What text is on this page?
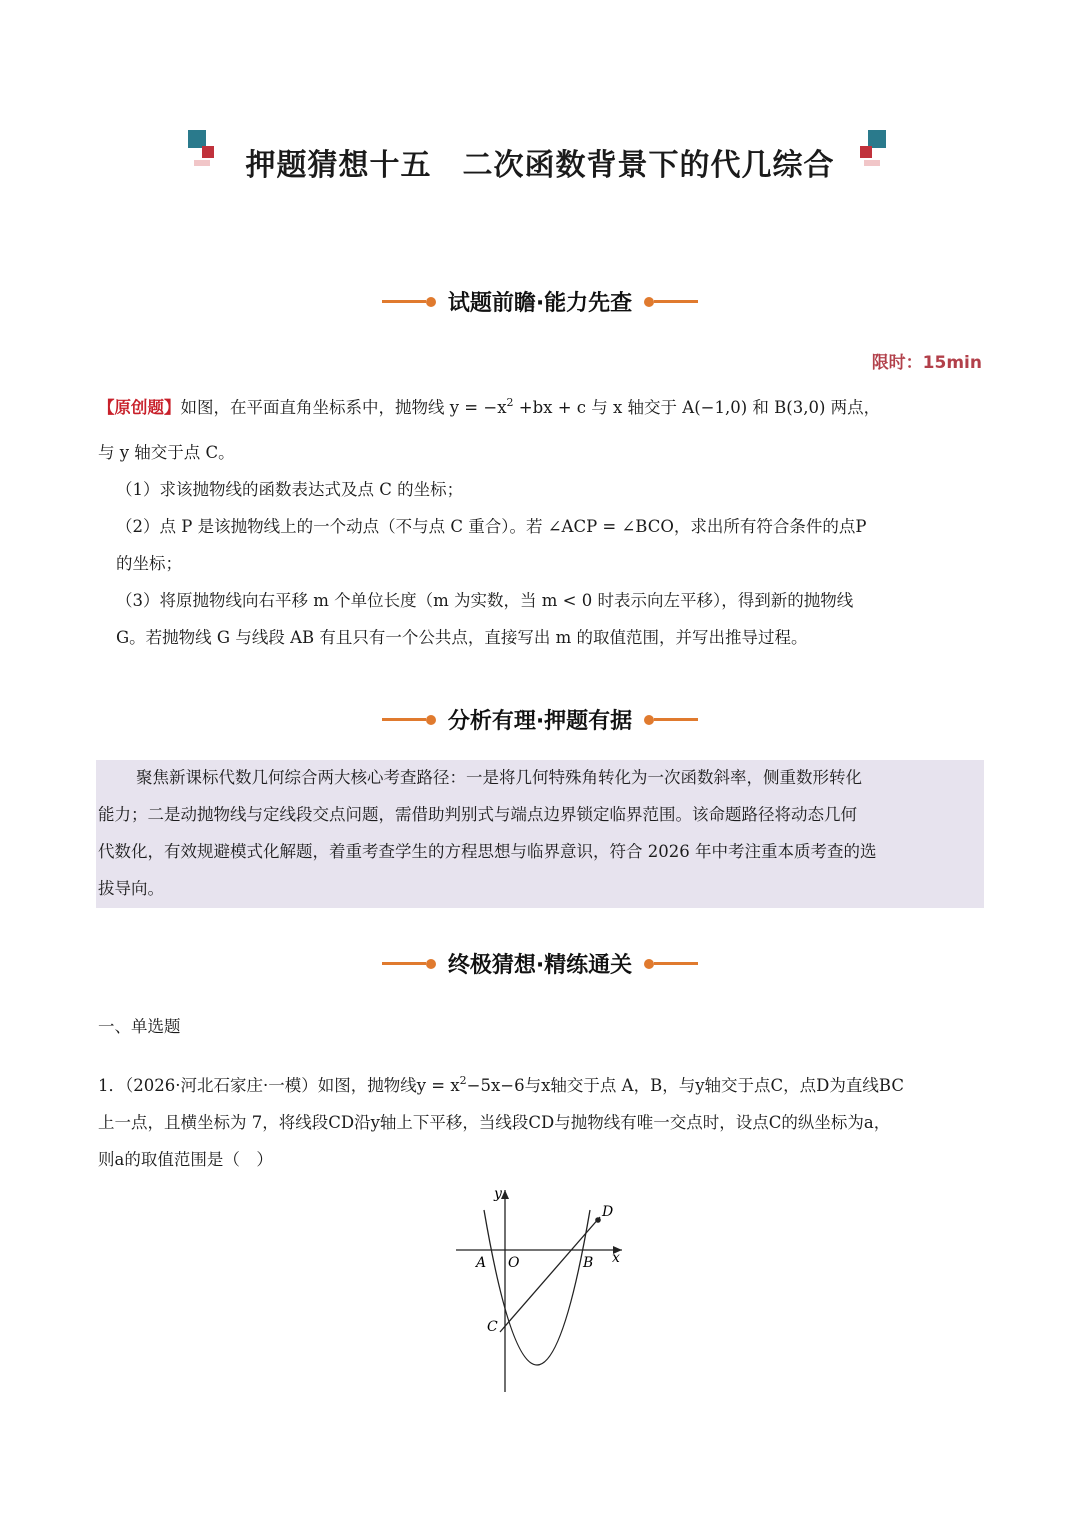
押题猜想十五　二次函数背景下的代几综合
试题前瞻·能力先查
限时：15min
【原创题】如图，在平面直角坐标系中，抛物线 $y = -x^2 +bx + c$ 与 x 轴交于 A(−1,0) 和 B(3,0) 两点，
与 y 轴交于点 C。
（1）求该抛物线的函数表达式及点 C 的坐标；
（2）点 P 是该抛物线上的一个动点（不与点 C 重合）。若 ∠ACP = ∠BCO，求出所有符合条件的点P
的坐标；
（3）将原抛物线向右平移 m 个单位长度（m 为实数，当 m < 0 时表示向左平移），得到新的抛物线
G。若抛物线 G 与线段 AB 有且只有一个公共点，直接写出 m 的取值范围，并写出推导过程。
分析有理·押题有据
聚焦新课标代数几何综合两大核心考查路径：一是将几何特殊角转化为一次函数斜率，侧重数形转化
能力；二是动抛物线与定线段交点问题，需借助判别式与端点边界锁定临界范围。该命题路径将动态几何
代数化，有效规避模式化解题，着重考查学生的方程思想与临界意识，符合 2026 年中考注重本质考查的选
拔导向。
终极猜想·精练通关
一、单选题
1．（2026·河北石家庄·一模）如图，抛物线$y = x^2-5x-6$与x轴交于点 A，B，与y轴交于点C，点D为直线BC
上一点，且横坐标为 7，将线段CD沿y轴上下平移，当线段CD与抛物线有唯一交点时，设点C的纵坐标为a，
则a的取值范围是（　）
y
x
A O	B
C
D
